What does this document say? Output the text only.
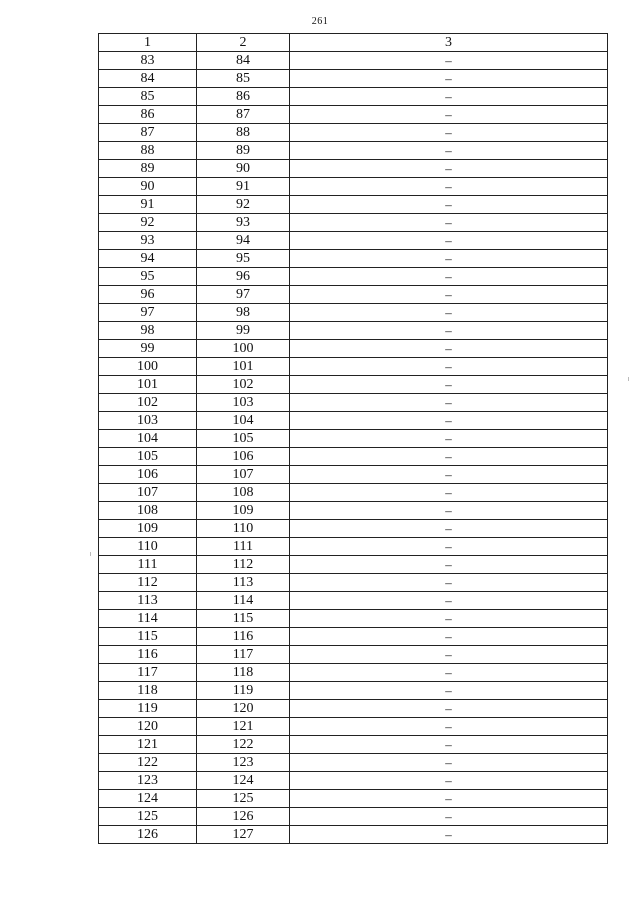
261
1	2	3
83	84	–
84	85	–
85	86	–
86	87	–
87	88	–
88	89	–
89	90	–
90	91	–
91	92	–
92	93	–
93	94	–
94	95	–
95	96	–
96	97	–
97	98	–
98	99	–
99	100	–
100	101	–
101	102	–
102	103	–
103	104	–
104	105	–
105	106	–
106	107	–
107	108	–
108	109	–
109	110	–
110	111	–
111	112	–
112	113	–
113	114	–
114	115	–
115	116	–
116	117	–
117	118	–
118	119	–
119	120	–
120	121	–
121	122	–
122	123	–
123	124	–
124	125	–
125	126	–
126	127	–
